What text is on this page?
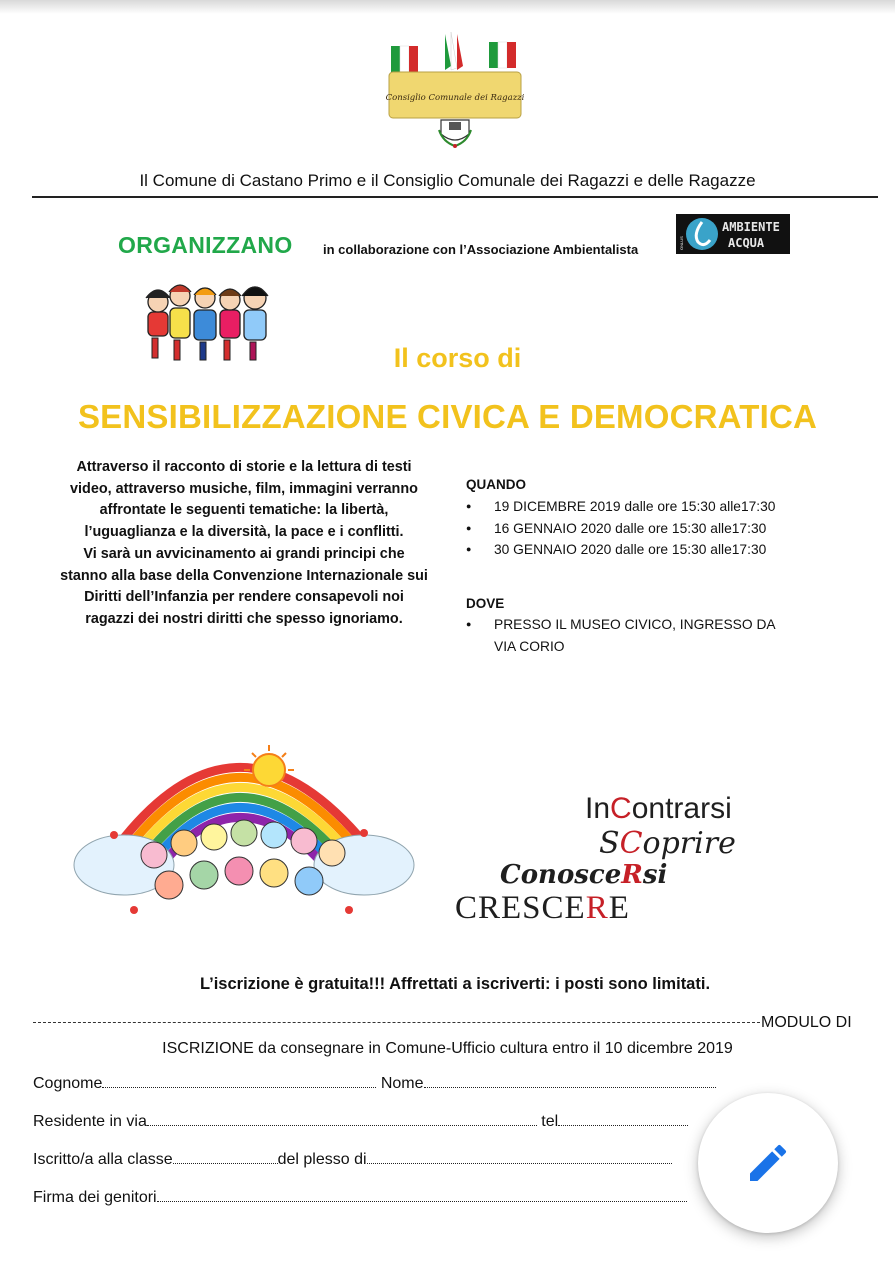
Consiglio Comunale dei Ragazzi
Il Comune di Castano Primo e il Consiglio Comunale dei Ragazzi e delle Ragazze
ORGANIZZANO in collaborazione con l’Associazione Ambientalista	ONLUS
AMBIENTE
ACQUA
Il corso di
SENSIBILIZZAZIONE CIVICA E DEMOCRATICA
Attraverso il racconto di storie e la lettura di testi video, attraverso musiche, film, immagini verranno affrontate le seguenti tematiche: la libertà, l’uguaglianza e la diversità, la pace e i conflitti.
Vi sarà un avvicinamento ai grandi principi che stanno alla base della Convenzione Internazionale sui Diritti dell’Infanzia per rendere consapevoli noi ragazzi dei nostri diritti che spesso ignoriamo.
QUANDO
● 19 DICEMBRE 2019 dalle ore 15:30 alle17:30
● 16 GENNAIO 2020 dalle ore 15:30 alle17:30
● 30 GENNAIO 2020 dalle ore 15:30 alle17:30
DOVE
● PRESSO IL MUSEO CIVICO, INGRESSO DA VIA CORIO
InContrarsi
SCoprire
ConosceRsi
CRESCERE
L’iscrizione è gratuita!!! Affrettati a iscriverti: i posti sono limitati.
MODULO DI
ISCRIZIONE da consegnare in Comune-Ufficio cultura entro il 10 dicembre 2019
Cognome	Nome
Residente in via	tel
Iscritto/a alla classe	del plesso di
Firma dei genitori
